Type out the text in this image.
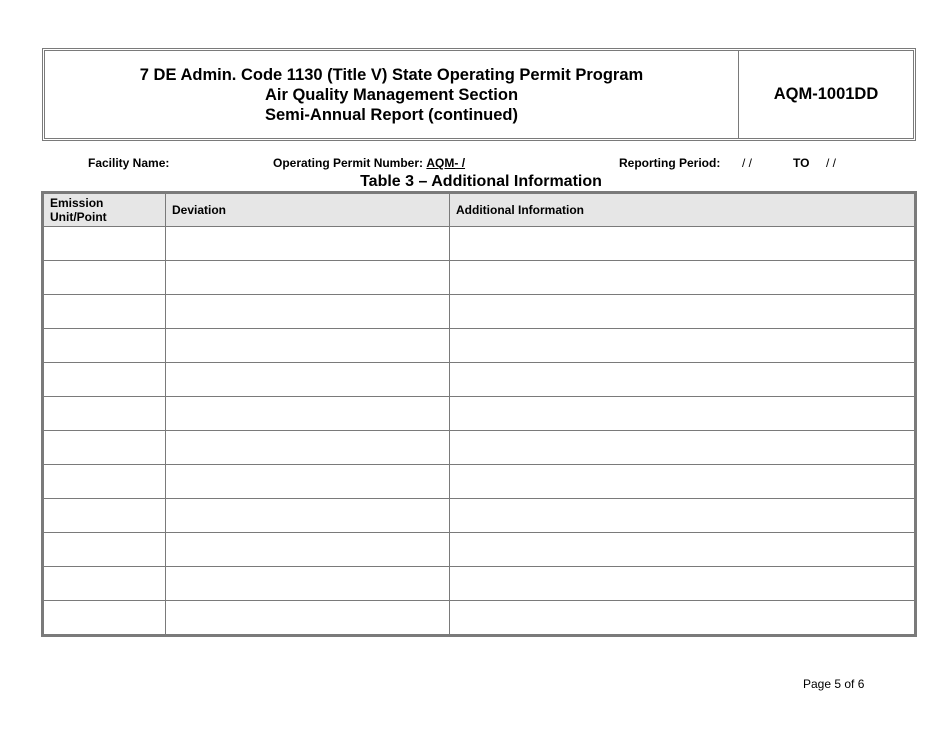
7 DE Admin. Code 1130 (Title V) State Operating Permit Program
Air Quality Management Section
Semi-Annual Report (continued)
AQM-1001DD
Facility Name:	Operating Permit Number: AQM- /	Reporting Period: / /	TO / /
Table 3 – Additional Information
Emission
Unit/Point	Deviation	Additional Information

Page 5 of 6
